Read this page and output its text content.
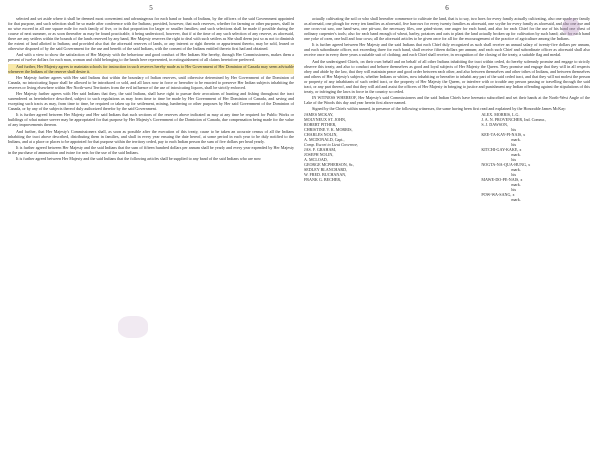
5

selected and set aside where it shall be deemed most convenient and advantageous for each band or bands of Indians, by the officers of the said Government appointed for that purpose, and such selection shall be so made after conference with the Indians; provided, however, that such reserves, whether for farming or other purposes, shall in no wise exceed in all one square mile for each family of five, or in that proportion for larger or smaller families; and such selections shall be made if possible during the course of next summer, or as soon thereafter as may be found practicable, it being understood, however, that if at the time of any such selection of any reserve, as aforesaid, there are any settlers within the bounds of the lands reserved by any band, Her Majesty reserves the right to deal with such settlers as She shall deem just so as not to diminish the extent of land allotted to Indians; and provided also that the aforesaid reserves of lands, or any interest or right therein or appurtenant thereto, may be sold, leased or otherwise disposed of by the said Government for the use and benefit of the said Indians, with the consent of the Indians entitled thereto first had and obtained.

And with a view to show the satisfaction of Her Majesty with the behaviour and good conduct of Her Indians She hereby, through Her Commissioners, makes them a present of twelve dollars for each man, woman and child belonging to the bands here represented, in extinguishment of all claims heretofore preferred.

And further, Her Majesty agrees to maintain schools for instruction in such reserves hereby made as to Her Government of Her Dominion of Canada may seem advisable whenever the Indians of the reserve shall desire it.

Her Majesty further agrees with Her said Indians that within the boundary of Indian reserves, until otherwise determined by Her Government of the Dominion of Canada, no intoxicating liquor shall be allowed to be introduced or sold, and all laws now in force or hereafter to be enacted to preserve Her Indian subjects inhabiting the reserves or living elsewhere within Her North-west Territories from the evil influence of the use of intoxicating liquors, shall be strictly enforced.

Her Majesty further agrees with Her said Indians that they, the said Indians, shall have right to pursue their avocations of hunting and fishing throughout the tract surrendered as hereinbefore described, subject to such regulations as may from time to time be made by Her Government of Her Dominion of Canada, and saving and excepting such tracts as may, from time to time, be required or taken up for settlement, mining, lumbering or other purposes by Her said Government of the Dominion of Canada, or by any of the subjects thereof duly authorized therefor by the said Government.

It is further agreed between Her Majesty and Her said Indians that such sections of the reserves above indicated as may at any time be required for Public Works or buildings of what nature soever may be appropriated for that purpose by Her Majesty's Government of the Dominion of Canada, due compensation being made for the value of any improvements thereon.

And further, that Her Majesty's Commissioners shall, as soon as possible after the execution of this treaty, cause to be taken an accurate census of all the Indians inhabiting the tract above described, distributing them in families, and shall in every year ensuing the date hereof, at some period in each year to be duly notified to the Indians, and at a place or places to be appointed for that purpose within the territory ceded, pay to each Indian person the sum of five dollars per head yearly.

It is further agreed between Her Majesty and the said Indians that the sum of fifteen hundred dollars per annum shall be yearly and every year expended by Her Majesty in the purchase of ammunition and twine for nets for the use of the said Indians.

It is further agreed between Her Majesty and the said Indians that the following articles shall be supplied to any band of the said Indians who are now

6

actually cultivating the soil or who shall hereafter commence to cultivate the land, that is to say, two hoes for every family actually cultivating, also one spade per family as aforesaid, one plough for every ten families as aforesaid, five harrows for every twenty families as aforesaid, one scythe for every family as aforesaid, and also one axe and one cross-cut saw, one hand-saw, one pit-saw, the necessary files, one grind-stone, one auger for each band, and also for each Chief for the use of his band one chest of ordinary carpenter's tools; also for each band enough of wheat, barley, potatoes and oats to plant the land actually broken up for cultivation by such band; also for each band one yoke of oxen, one bull and four cows; all the aforesaid articles to be given once for all for the encouragement of the practice of agriculture among the Indians.

It is further agreed between Her Majesty and the said Indians that each Chief duly recognized as such shall receive an annual salary of twenty-five dollars per annum, and each subordinate officer, not exceeding three for each band, shall receive fifteen dollars per annum; and each such Chief and subordinate officer as aforesaid shall also receive once in every three years a suitable suit of clothing; and each Chief shall receive, in recognition of the closing of the treaty, a suitable flag and medal.

And the undersigned Chiefs, on their own behalf and on behalf of all other Indians inhabiting the tract within ceded, do hereby solemnly promise and engage to strictly observe this treaty, and also to conduct and behave themselves as good and loyal subjects of Her Majesty the Queen. They promise and engage that they will in all respects obey and abide by the law, that they will maintain peace and good order between each other, and also between themselves and other tribes of Indians, and between themselves and others of Her Majesty's subjects, whether Indians or whites, now inhabiting or hereafter to inhabit any part of the said ceded tract, and that they will not molest the person or property of any inhabitants of such ceded tract, or the property of Her Majesty the Queen, or interfere with or trouble any person passing or travelling through the said tract, or any part thereof, and that they will aid and assist the officers of Her Majesty in bringing to justice and punishment any Indian offending against the stipulations of this treaty, or infringing the laws in force in the country so ceded.

IN WITNESS WHEREOF, Her Majesty's said Commissioners and the said Indian Chiefs have hereunto subscribed and set their hands at the North-West Angle of the Lake of the Woods this day and year herein first above named.

Signed by the Chiefs within named, in presence of the following witnesses, the same having been first read and explained by the Honorable James McKay:

JAMES MCKAY,
MOLYNEUX ST. JOHN,
ROBERT PITHER,
CHRISTINE V. K. MORRIS,
CHARLES NOLIN,
A. MCDONALD, Capt.,
Comp. Escort to Lieut Governor,
JAS. F. GRAHAM,
JOSEPH NOLIN,
A. MCLOAD,
GEORGE MCPHERSON, Sr.,
SEDLEY BLANCHARD,
W. FRED. BUCHANAN,
FRANK G. BECHER,
ALEX. MORRIS, L.G.
J. A. N. PROVENCHER, Ind. Commr.,
S. J. DAWSON,
his
KEE-TA-KAY-PI-NAIS, x
mark.
his
KITCHI-GAY-KAKE, x
mark.
his
NOGTA-NA-QUA-HUNG, x
mark.
his
MAWE-DO-PE-NAIS, x
mark.
his
POW-WA-SANG, x
mark.
